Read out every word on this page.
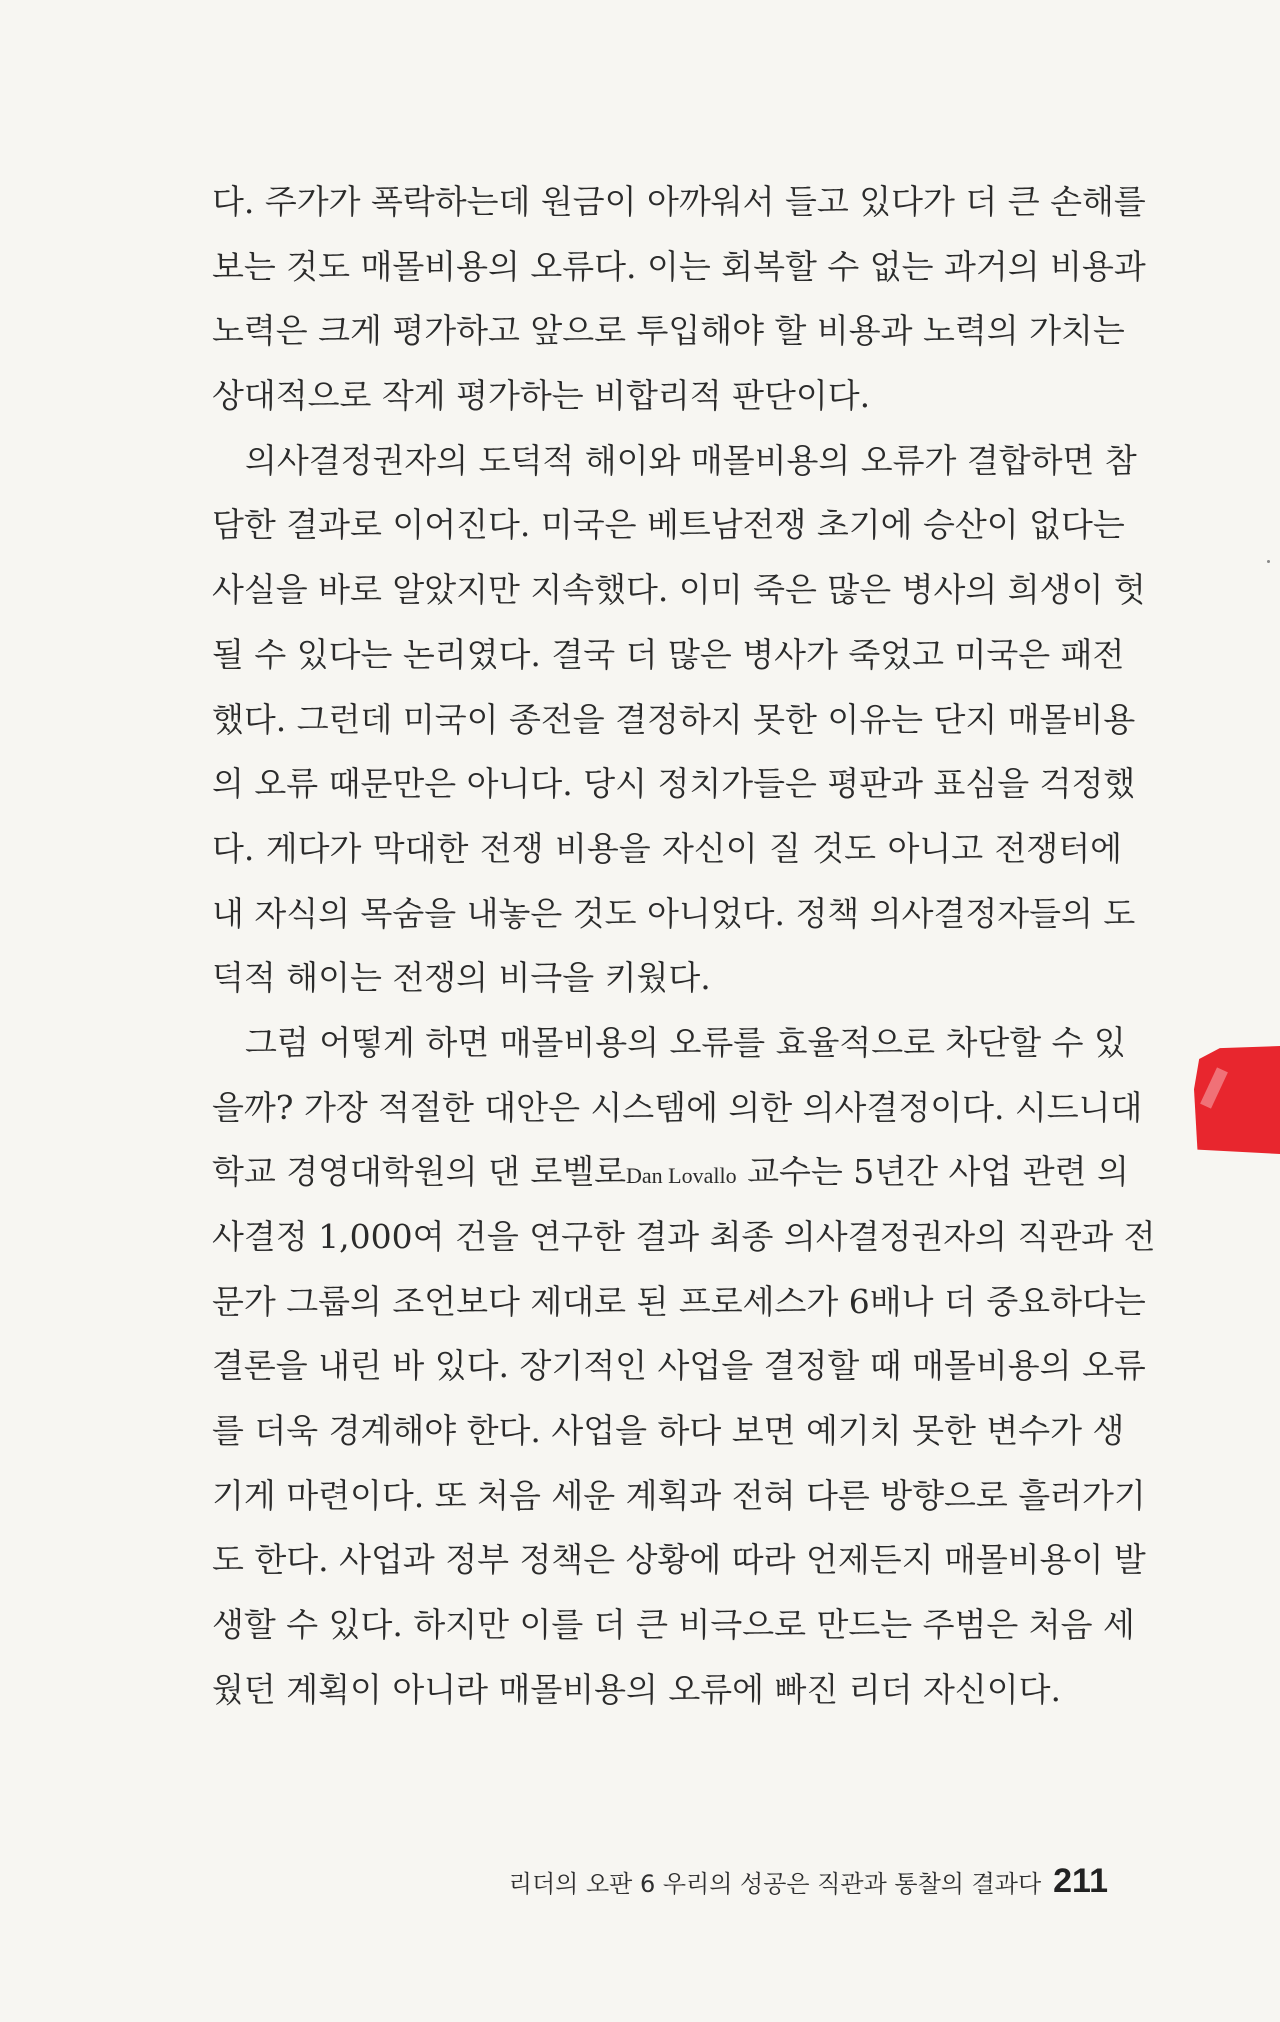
다. 주가가 폭락하는데 원금이 아까워서 들고 있다가 더 큰 손해를
보는 것도 매몰비용의 오류다. 이는 회복할 수 없는 과거의 비용과
노력은 크게 평가하고 앞으로 투입해야 할 비용과 노력의 가치는
상대적으로 작게 평가하는 비합리적 판단이다.
의사결정권자의 도덕적 해이와 매몰비용의 오류가 결합하면 참
담한 결과로 이어진다. 미국은 베트남전쟁 초기에 승산이 없다는
사실을 바로 알았지만 지속했다. 이미 죽은 많은 병사의 희생이 헛
될 수 있다는 논리였다. 결국 더 많은 병사가 죽었고 미국은 패전
했다. 그런데 미국이 종전을 결정하지 못한 이유는 단지 매몰비용
의 오류 때문만은 아니다. 당시 정치가들은 평판과 표심을 걱정했
다. 게다가 막대한 전쟁 비용을 자신이 질 것도 아니고 전쟁터에
내 자식의 목숨을 내놓은 것도 아니었다. 정책 의사결정자들의 도
덕적 해이는 전쟁의 비극을 키웠다.
그럼 어떻게 하면 매몰비용의 오류를 효율적으로 차단할 수 있
을까? 가장 적절한 대안은 시스템에 의한 의사결정이다. 시드니대
학교 경영대학원의 댄 로벨로Dan Lovallo 교수는 5년간 사업 관련 의
사결정 1,000여 건을 연구한 결과 최종 의사결정권자의 직관과 전
문가 그룹의 조언보다 제대로 된 프로세스가 6배나 더 중요하다는
결론을 내린 바 있다. 장기적인 사업을 결정할 때 매몰비용의 오류
를 더욱 경계해야 한다. 사업을 하다 보면 예기치 못한 변수가 생
기게 마련이다. 또 처음 세운 계획과 전혀 다른 방향으로 흘러가기
도 한다. 사업과 정부 정책은 상황에 따라 언제든지 매몰비용이 발
생할 수 있다. 하지만 이를 더 큰 비극으로 만드는 주범은 처음 세
웠던 계획이 아니라 매몰비용의 오류에 빠진 리더 자신이다.
리더의 오판 6 우리의 성공은 직관과 통찰의 결과다 211
